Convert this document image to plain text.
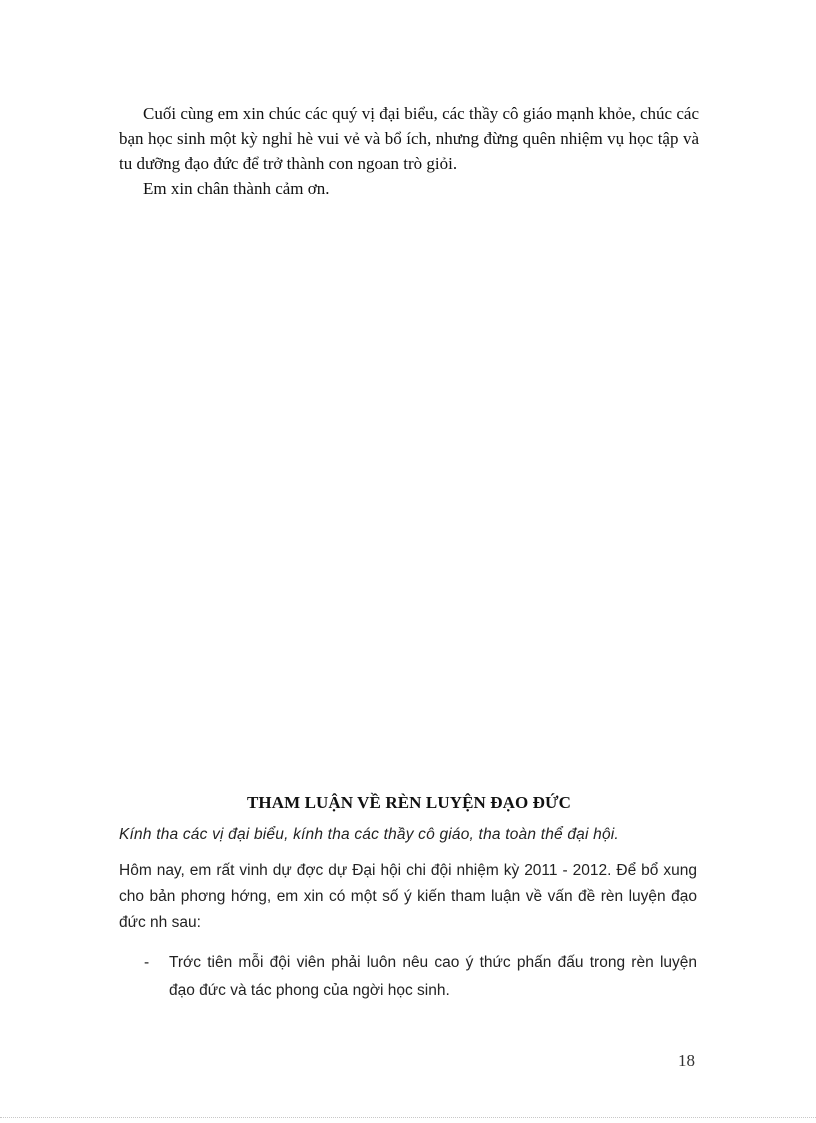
Cuối cùng em xin chúc các quý vị đại biểu, các thầy cô giáo mạnh khỏe, chúc các bạn học sinh một kỳ nghỉ hè vui vẻ và bổ ích, nhưng đừng quên nhiệm vụ học tập và tu dưỡng đạo đức để trở thành con ngoan trò giỏi.

Em xin chân thành cảm ơn.

THAM LUẬN VỀ RÈN LUYỆN ĐẠO ĐỨC
Kính tha các vị đại biểu, kính tha các thầy cô giáo, tha toàn thể đại hội.
Hôm nay, em rất vinh dự đợc dự Đại hội chi đội nhiệm kỳ 2011 - 2012. Để bổ xung cho bản phơng hớng, em xin có một số ý kiến tham luận về vấn đề rèn luyện đạo đức nh sau:
- Trớc tiên mỗi đội viên phải luôn nêu cao ý thức phấn đấu trong rèn luyện đạo đức và tác phong của ngời học sinh.
18
